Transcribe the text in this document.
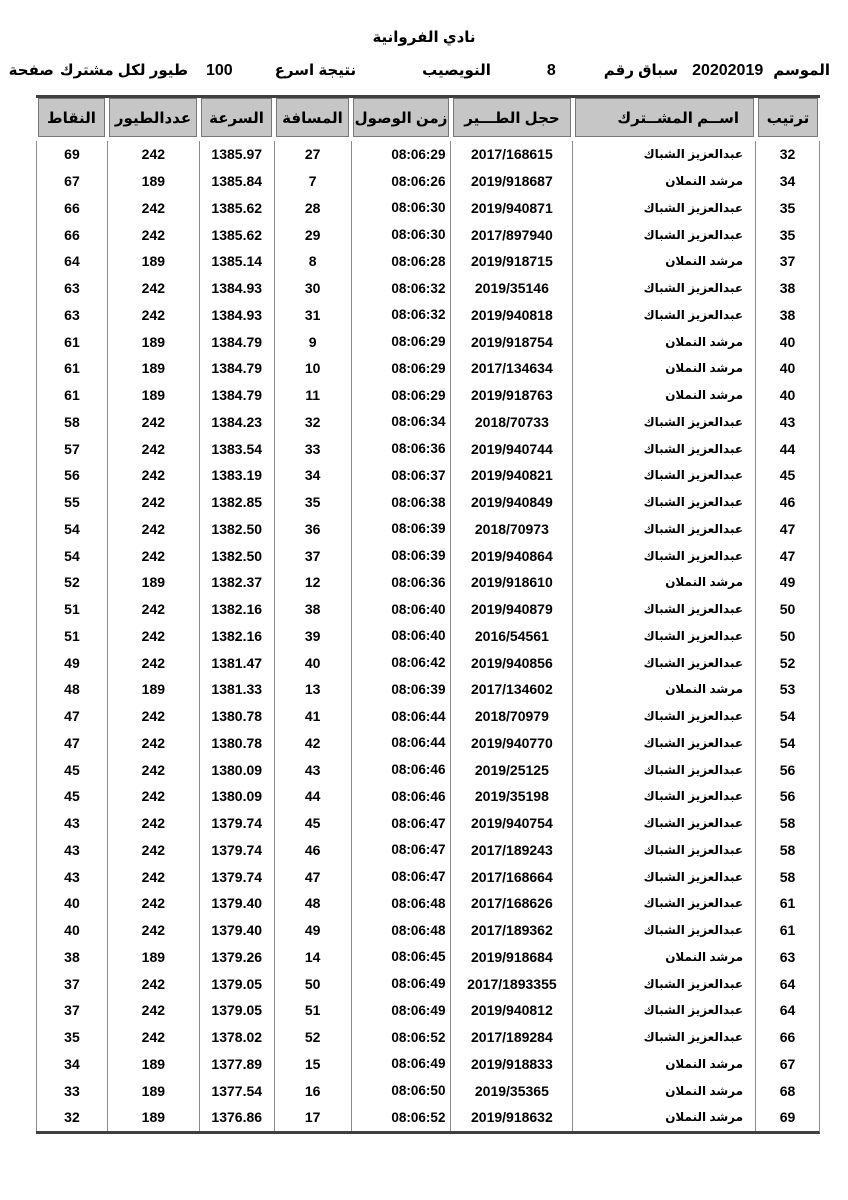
نادي الفروانية
الموسم
20202019
سباق رقم
8
النويصيب
نتيجة اسرع
100
طيور لكل مشترك
صفحة
ترتيب
اســم المشــترك
حجل الطـــير
زمن الوصول
المسافة
السرعة
عددالطيور
النقاط
32
عبدالعزيز الشباك
2017/168615
08:06:29
27
1385.97
242
69
34
مرشد النملان
2019/918687
08:06:26
7
1385.84
189
67
35
عبدالعزيز الشباك
2019/940871
08:06:30
28
1385.62
242
66
35
عبدالعزيز الشباك
2017/897940
08:06:30
29
1385.62
242
66
37
مرشد النملان
2019/918715
08:06:28
8
1385.14
189
64
38
عبدالعزيز الشباك
2019/35146
08:06:32
30
1384.93
242
63
38
عبدالعزيز الشباك
2019/940818
08:06:32
31
1384.93
242
63
40
مرشد النملان
2019/918754
08:06:29
9
1384.79
189
61
40
مرشد النملان
2017/134634
08:06:29
10
1384.79
189
61
40
مرشد النملان
2019/918763
08:06:29
11
1384.79
189
61
43
عبدالعزيز الشباك
2018/70733
08:06:34
32
1384.23
242
58
44
عبدالعزيز الشباك
2019/940744
08:06:36
33
1383.54
242
57
45
عبدالعزيز الشباك
2019/940821
08:06:37
34
1383.19
242
56
46
عبدالعزيز الشباك
2019/940849
08:06:38
35
1382.85
242
55
47
عبدالعزيز الشباك
2018/70973
08:06:39
36
1382.50
242
54
47
عبدالعزيز الشباك
2019/940864
08:06:39
37
1382.50
242
54
49
مرشد النملان
2019/918610
08:06:36
12
1382.37
189
52
50
عبدالعزيز الشباك
2019/940879
08:06:40
38
1382.16
242
51
50
عبدالعزيز الشباك
2016/54561
08:06:40
39
1382.16
242
51
52
عبدالعزيز الشباك
2019/940856
08:06:42
40
1381.47
242
49
53
مرشد النملان
2017/134602
08:06:39
13
1381.33
189
48
54
عبدالعزيز الشباك
2018/70979
08:06:44
41
1380.78
242
47
54
عبدالعزيز الشباك
2019/940770
08:06:44
42
1380.78
242
47
56
عبدالعزيز الشباك
2019/25125
08:06:46
43
1380.09
242
45
56
عبدالعزيز الشباك
2019/35198
08:06:46
44
1380.09
242
45
58
عبدالعزيز الشباك
2019/940754
08:06:47
45
1379.74
242
43
58
عبدالعزيز الشباك
2017/189243
08:06:47
46
1379.74
242
43
58
عبدالعزيز الشباك
2017/168664
08:06:47
47
1379.74
242
43
61
عبدالعزيز الشباك
2017/168626
08:06:48
48
1379.40
242
40
61
عبدالعزيز الشباك
2017/189362
08:06:48
49
1379.40
242
40
63
مرشد النملان
2019/918684
08:06:45
14
1379.26
189
38
64
عبدالعزيز الشباك
2017/1893355
08:06:49
50
1379.05
242
37
64
عبدالعزيز الشباك
2019/940812
08:06:49
51
1379.05
242
37
66
عبدالعزيز الشباك
2017/189284
08:06:52
52
1378.02
242
35
67
مرشد النملان
2019/918833
08:06:49
15
1377.89
189
34
68
مرشد النملان
2019/35365
08:06:50
16
1377.54
189
33
69
مرشد النملان
2019/918632
08:06:52
17
1376.86
189
32
